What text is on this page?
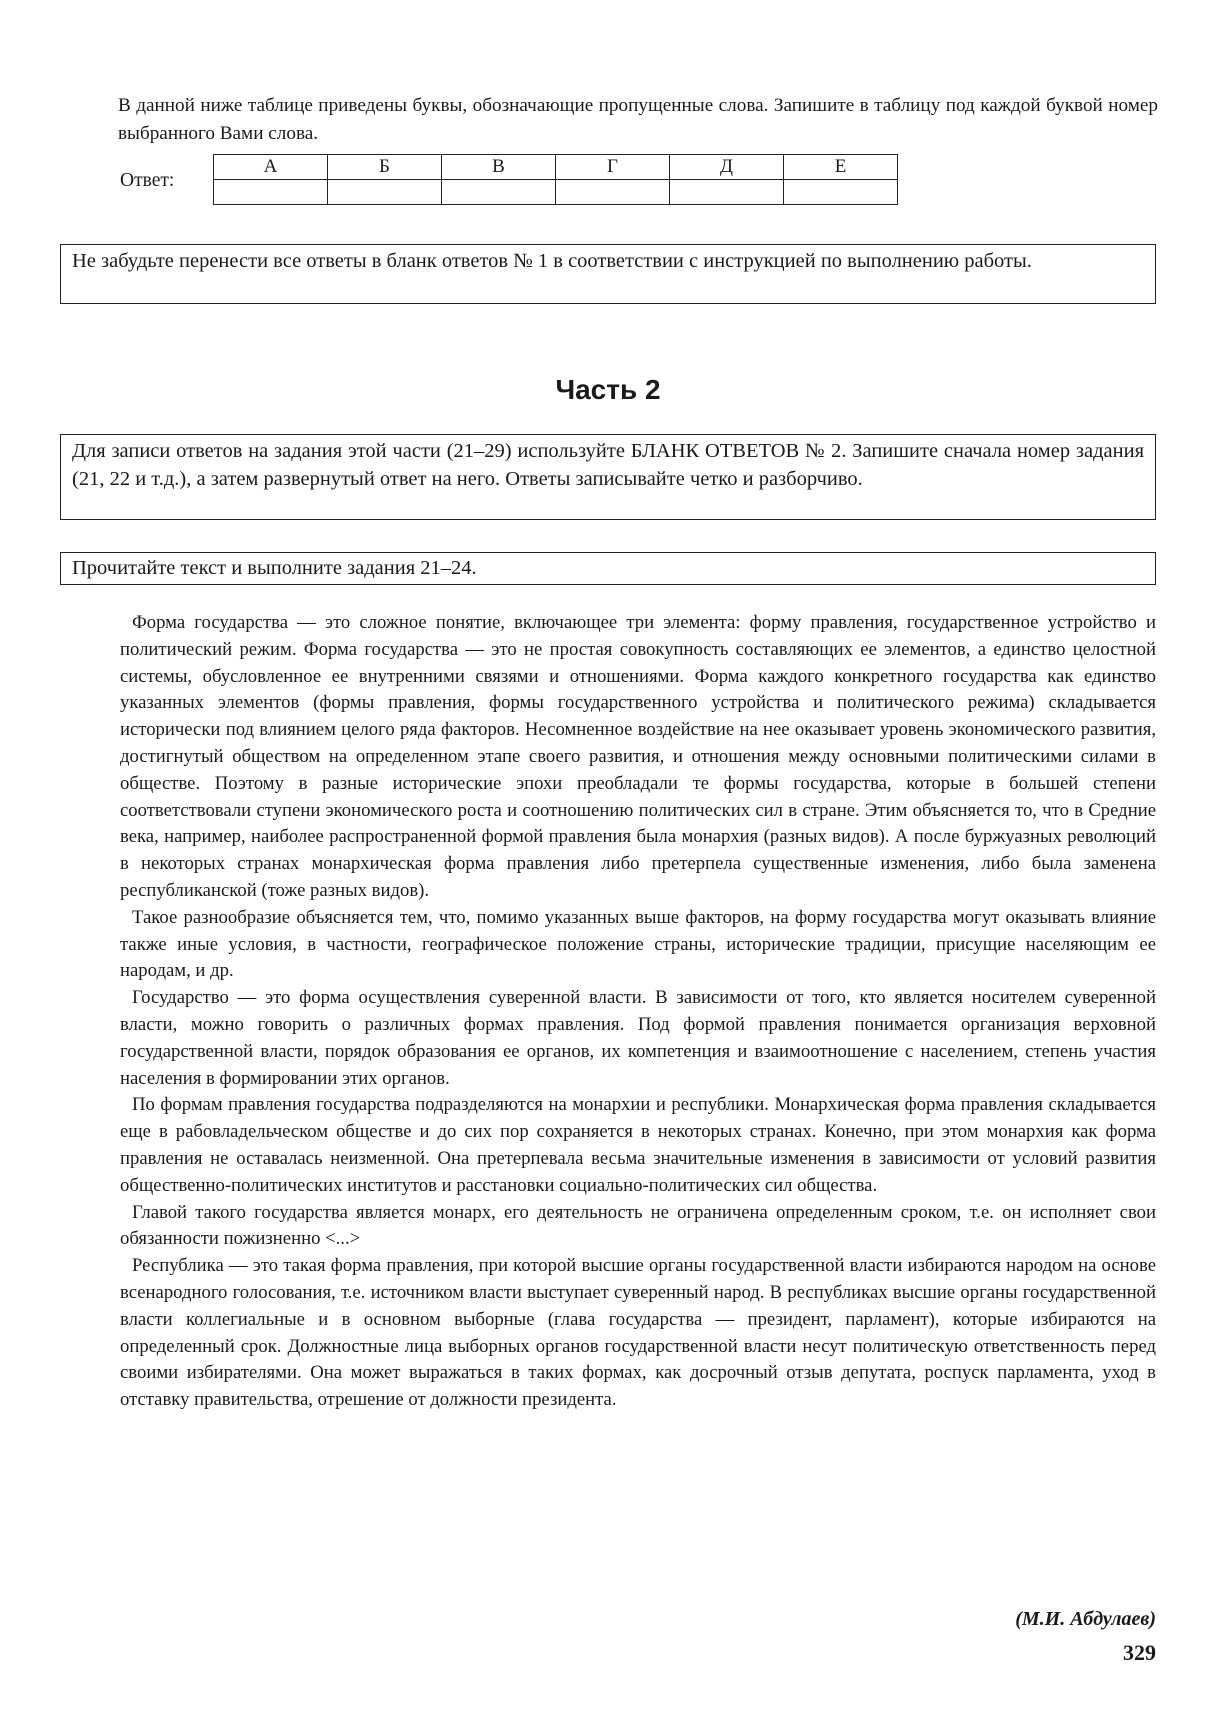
В данной ниже таблице приведены буквы, обозначающие пропущенные слова. Запишите в таблицу под каждой буквой номер выбранного Вами слова.
Ответ:
А	Б	В	Г	Д	Е

Не забудьте перенести все ответы в бланк ответов № 1 в соответствии с инструкцией по выполнению работы.
Часть 2
Для записи ответов на задания этой части (21–29) используйте БЛАНК ОТВЕТОВ № 2. Запишите сначала номер задания (21, 22 и т.д.), а затем развернутый ответ на него. Ответы записывайте четко и разборчиво.
Прочитайте текст и выполните задания 21–24.

Форма государства — это сложное понятие, включающее три элемента: форму правления, государственное устройство и политический режим. Форма государства — это не простая совокупность составляющих ее элементов, а единство целостной системы, обусловленное ее внутренними связями и отношениями. Форма каждого конкретного государства как единство указанных элементов (формы правления, формы государственного устройства и политического режима) складывается исторически под влиянием целого ряда факторов. Несомненное воздействие на нее оказывает уровень экономического развития, достигнутый обществом на определенном этапе своего развития, и отношения между основными политическими силами в обществе. Поэтому в разные исторические эпохи преобладали те формы государства, которые в большей степени соответствовали ступени экономического роста и соотношению политических сил в стране. Этим объясняется то, что в Средние века, например, наиболее распространенной формой правления была монархия (разных видов). А после буржуазных революций в некоторых странах монархическая форма правления либо претерпела существенные изменения, либо была заменена республиканской (тоже разных видов).

Такое разнообразие объясняется тем, что, помимо указанных выше факторов, на форму государства могут оказывать влияние также иные условия, в частности, географическое положение страны, исторические традиции, присущие населяющим ее народам, и др.

Государство — это форма осуществления суверенной власти. В зависимости от того, кто является носителем суверенной власти, можно говорить о различных формах правления. Под формой правления понимается организация верховной государственной власти, порядок образования ее органов, их компетенция и взаимоотношение с населением, степень участия населения в формировании этих органов.

По формам правления государства подразделяются на монархии и республики. Монархическая форма правления складывается еще в рабовладельческом обществе и до сих пор сохраняется в некоторых странах. Конечно, при этом монархия как форма правления не оставалась неизменной. Она претерпевала весьма значительные изменения в зависимости от условий развития общественно-политических институтов и расстановки социально-политических сил общества.

Главой такого государства является монарх, его деятельность не ограничена определенным сроком, т.е. он исполняет свои обязанности пожизненно <...>

Республика — это такая форма правления, при которой высшие органы государственной власти избираются народом на основе всенародного голосования, т.е. источником власти выступает суверенный народ. В республиках высшие органы государственной власти коллегиальные и в основном выборные (глава государства — президент, парламент), которые избираются на определенный срок. Должностные лица выборных органов государственной власти несут политическую ответственность перед своими избирателями. Она может выражаться в таких формах, как досрочный отзыв депутата, роспуск парламента, уход в отставку правительства, отрешение от должности президента.

(М.И. Абдулаев)
329
